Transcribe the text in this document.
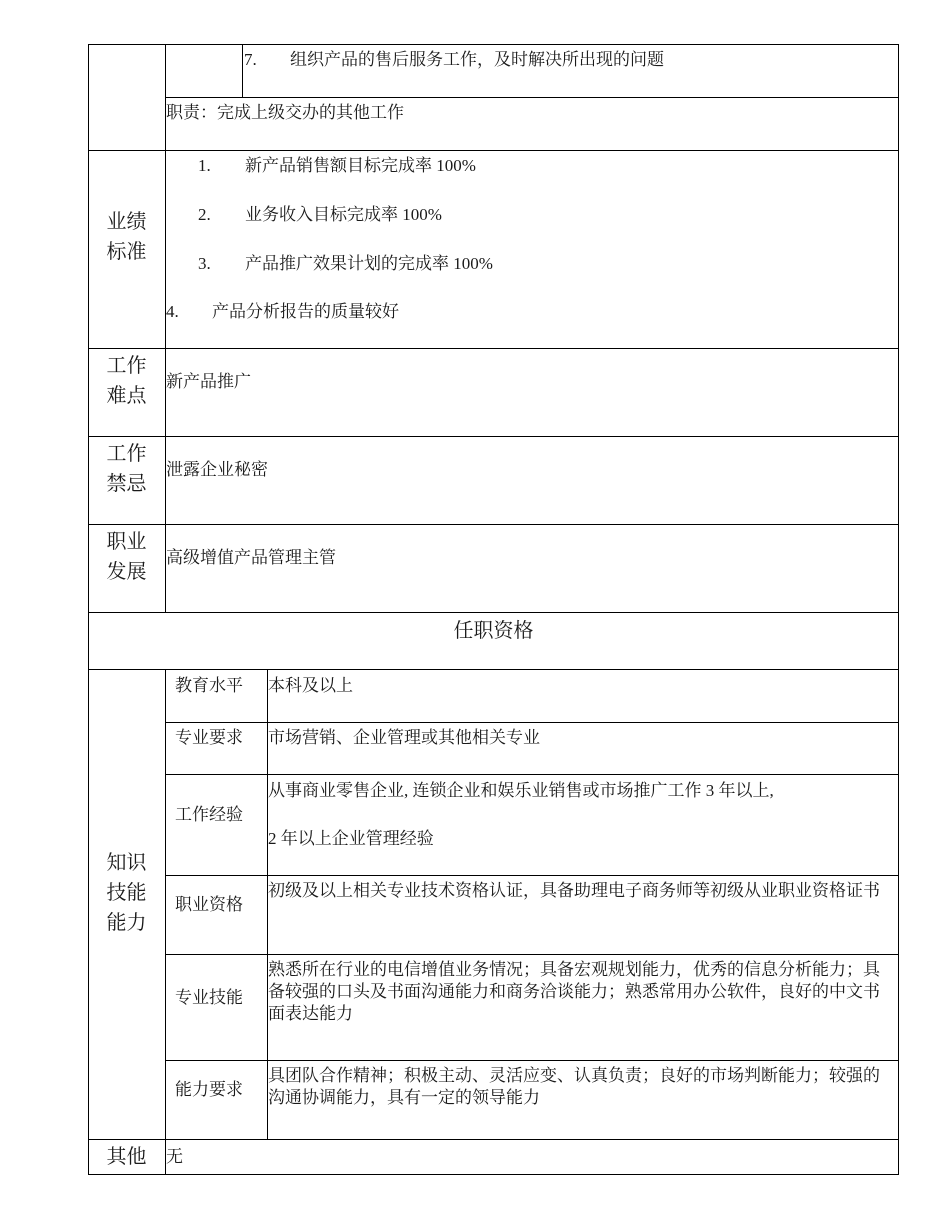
7. 组织产品的售后服务工作，及时解决所出现的问题
职责：完成上级交办的其他工作
业绩
标准
1. 新产品销售额目标完成率 100%
2. 业务收入目标完成率 100%
3. 产品推广效果计划的完成率 100%
4. 产品分析报告的质量较好
工作
难点
新产品推广
工作
禁忌
泄露企业秘密
职业
发展
高级增值产品管理主管
任职资格
知识
技能
能力
教育水平 本科及以上
专业要求 市场营销、企业管理或其他相关专业
工作经验
从事商业零售企业, 连锁企业和娱乐业销售或市场推广工作 3 年以上,
2 年以上企业管理经验
职业资格
初级及以上相关专业技术资格认证，具备助理电子商务师等初级从业职业资格证书
专业技能
熟悉所在行业的电信增值业务情况；具备宏观规划能力，优秀的信息分析能力；具备较强的口头及书面沟通能力和商务洽谈能力；熟悉常用办公软件，良好的中文书面表达能力
能力要求
具团队合作精神；积极主动、灵活应变、认真负责；良好的市场判断能力；较强的沟通协调能力，具有一定的领导能力
其他	无
